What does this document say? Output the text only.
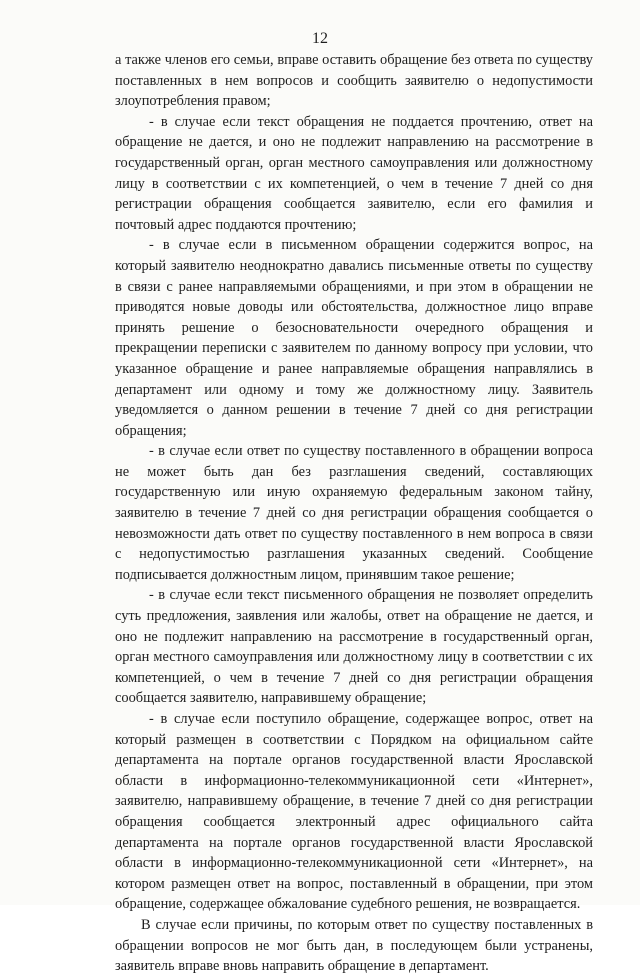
12

а также членов его семьи, вправе оставить обращение без ответа по существу поставленных в нем вопросов и сообщить заявителю о недопустимости злоупотребления правом;

- в случае если текст обращения не поддается прочтению, ответ на обращение не дается, и оно не подлежит направлению на рассмотрение в государственный орган, орган местного самоуправления или должностному лицу в соответствии с их компетенцией, о чем в течение 7 дней со дня регистрации обращения сообщается заявителю, если его фамилия и почтовый адрес поддаются прочтению;

- в случае если в письменном обращении содержится вопрос, на который заявителю неоднократно давались письменные ответы по существу в связи с ранее направляемыми обращениями, и при этом в обращении не приводятся новые доводы или обстоятельства, должностное лицо вправе принять решение о безосновательности очередного обращения и прекращении переписки с заявителем по данному вопросу при условии, что указанное обращение и ранее направляемые обращения направлялись в департамент или одному и тому же должностному лицу. Заявитель уведомляется о данном решении в течение 7 дней со дня регистрации обращения;

- в случае если ответ по существу поставленного в обращении вопроса не может быть дан без разглашения сведений, составляющих государственную или иную охраняемую федеральным законом тайну, заявителю в течение 7 дней со дня регистрации обращения сообщается о невозможности дать ответ по существу поставленного в нем вопроса в связи с недопустимостью разглашения указанных сведений. Сообщение подписывается должностным лицом, принявшим такое решение;

- в случае если текст письменного обращения не позволяет определить суть предложения, заявления или жалобы, ответ на обращение не дается, и оно не подлежит направлению на рассмотрение в государственный орган, орган местного самоуправления или должностному лицу в соответствии с их компетенцией, о чем в течение 7 дней со дня регистрации обращения сообщается заявителю, направившему обращение;

- в случае если поступило обращение, содержащее вопрос, ответ на который размещен в соответствии с Порядком на официальном сайте департамента на портале органов государственной власти Ярославской области в информационно-телекоммуникационной сети «Интернет», заявителю, направившему обращение, в течение 7 дней со дня регистрации обращения сообщается электронный адрес официального сайта департамента на портале органов государственной власти Ярославской области в информационно-телекоммуникационной сети «Интернет», на котором размещен ответ на вопрос, поставленный в обращении, при этом обращение, содержащее обжалование судебного решения, не возвращается.

В случае если причины, по которым ответ по существу поставленных в обращении вопросов не мог быть дан, в последующем были устранены, заявитель вправе вновь направить обращение в департамент.
